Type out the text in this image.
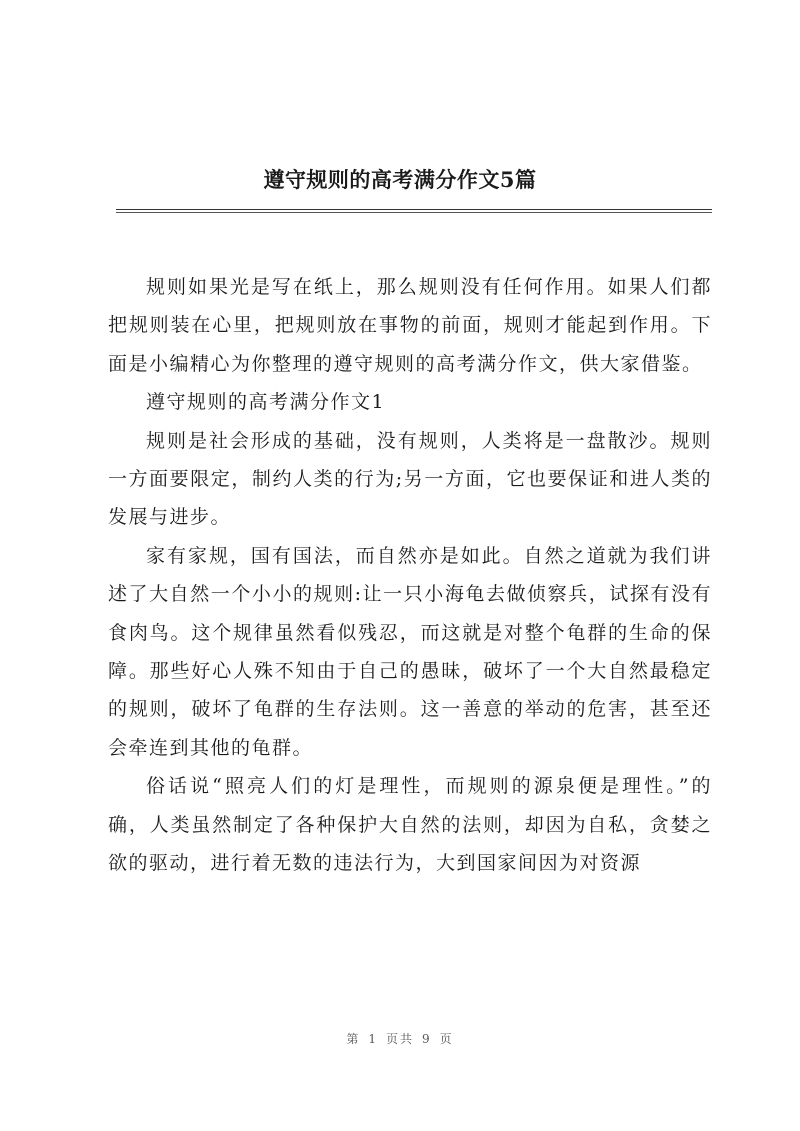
遵守规则的高考满分作文5篇

规则如果光是写在纸上，那么规则没有任何作用。如果人们都把规则装在心里，把规则放在事物的前面，规则才能起到作用。下面是小编精心为你整理的遵守规则的高考满分作文，供大家借鉴。

遵守规则的高考满分作文1

规则是社会形成的基础，没有规则，人类将是一盘散沙。规则一方面要限定，制约人类的行为;另一方面，它也要保证和进人类的发展与进步。

家有家规，国有国法，而自然亦是如此。自然之道就为我们讲述了大自然一个小小的规则:让一只小海龟去做侦察兵，试探有没有食肉鸟。这个规律虽然看似残忍，而这就是对整个龟群的生命的保障。那些好心人殊不知由于自己的愚昧，破坏了一个大自然最稳定的规则，破坏了龟群的生存法则。这一善意的举动的危害，甚至还会牵连到其他的龟群。

俗话说“照亮人们的灯是理性，而规则的源泉便是理性。”的确，人类虽然制定了各种保护大自然的法则，却因为自私，贪婪之欲的驱动，进行着无数的违法行为，大到国家间因为对资源

第 1 页共 9 页
